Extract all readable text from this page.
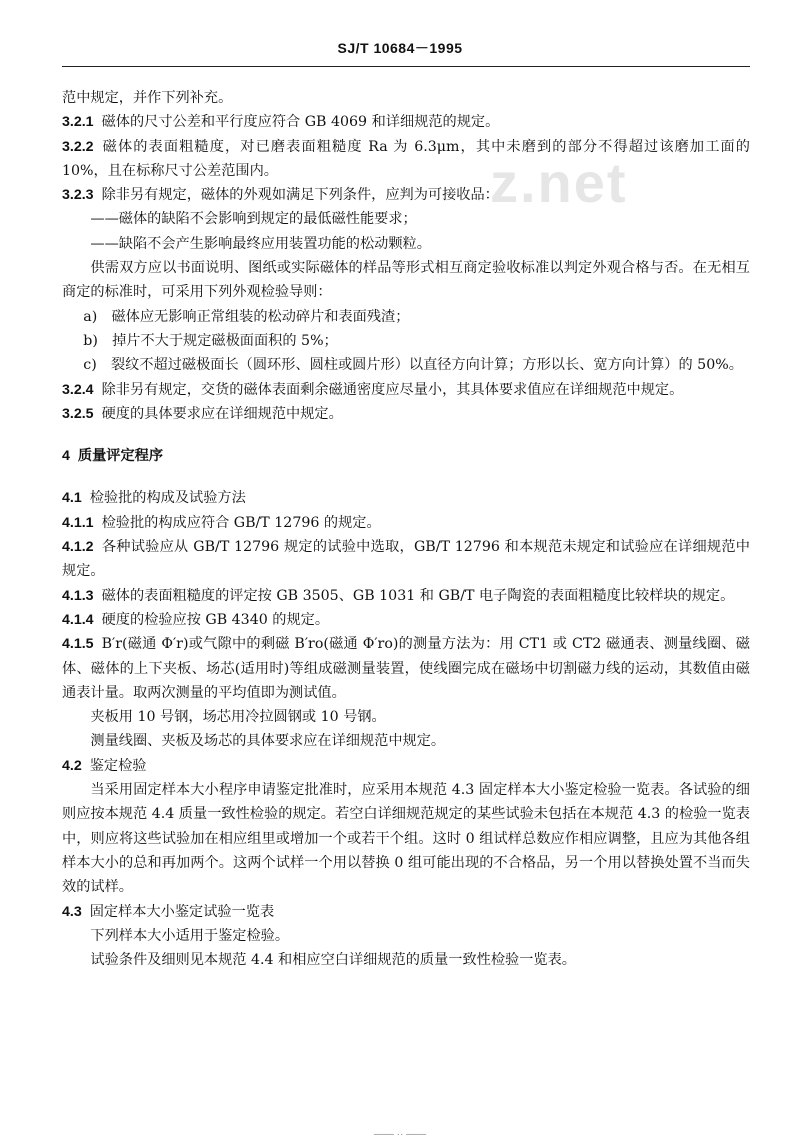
SJ/T 10684－1995
z.net

范中规定，并作下列补充。

3.2.1 磁体的尺寸公差和平行度应符合 GB 4069 和详细规范的规定。

3.2.2 磁体的表面粗糙度，对已磨表面粗糙度 Ra 为 6.3μm，其中未磨到的部分不得超过该磨加工面的 10%，且在标称尺寸公差范围内。

3.2.3 除非另有规定，磁体的外观如满足下列条件，应判为可接收品：

——磁体的缺陷不会影响到规定的最低磁性能要求；

——缺陷不会产生影响最终应用装置功能的松动颗粒。

供需双方应以书面说明、图纸或实际磁体的样品等形式相互商定验收标准以判定外观合格与否。在无相互商定的标准时，可采用下列外观检验导则：

a)　磁体应无影响正常组装的松动碎片和表面残渣；

b)　掉片不大于规定磁极面面积的 5%；

c)　裂纹不超过磁极面长（圆环形、圆柱或圆片形）以直径方向计算；方形以长、宽方向计算）的 50%。

3.2.4 除非另有规定，交货的磁体表面剩余磁通密度应尽量小，其具体要求值应在详细规范中规定。

3.2.5 硬度的具体要求应在详细规范中规定。

4 质量评定程序

4.1 检验批的构成及试验方法

4.1.1 检验批的构成应符合 GB/T 12796 的规定。

4.1.2 各种试验应从 GB/T 12796 规定的试验中选取，GB/T 12796 和本规范未规定和试验应在详细规范中规定。

4.1.3 磁体的表面粗糙度的评定按 GB 3505、GB 1031 和 GB/T 电子陶瓷的表面粗糙度比较样块的规定。

4.1.4 硬度的检验应按 GB 4340 的规定。

4.1.5 B′r(磁通 Φ′r)或气隙中的剩磁 B′ro(磁通 Φ′ro)的测量方法为：用 CT1 或 CT2 磁通表、测量线圈、磁体、磁体的上下夹板、场芯(适用时)等组成磁测量装置，使线圈完成在磁场中切割磁力线的运动，其数值由磁通表计量。取两次测量的平均值即为测试值。

夹板用 10 号钢，场芯用冷拉圆钢或 10 号钢。

测量线圈、夹板及场芯的具体要求应在详细规范中规定。

4.2 鉴定检验

当采用固定样本大小程序申请鉴定批准时，应采用本规范 4.3 固定样本大小鉴定检验一览表。各试验的细则应按本规范 4.4 质量一致性检验的规定。若空白详细规范规定的某些试验未包括在本规范 4.3 的检验一览表中，则应将这些试验加在相应组里或增加一个或若干个组。这时 0 组试样总数应作相应调整，且应为其他各组样本大小的总和再加两个。这两个试样一个用以替换 0 组可能出现的不合格品，另一个用以替换处置不当而失效的试样。

4.3 固定样本大小鉴定试验一览表

下列样本大小适用于鉴定检验。

试验条件及细则见本规范 4.4 和相应空白详细规范的质量一致性检验一览表。

—— ·· ——
